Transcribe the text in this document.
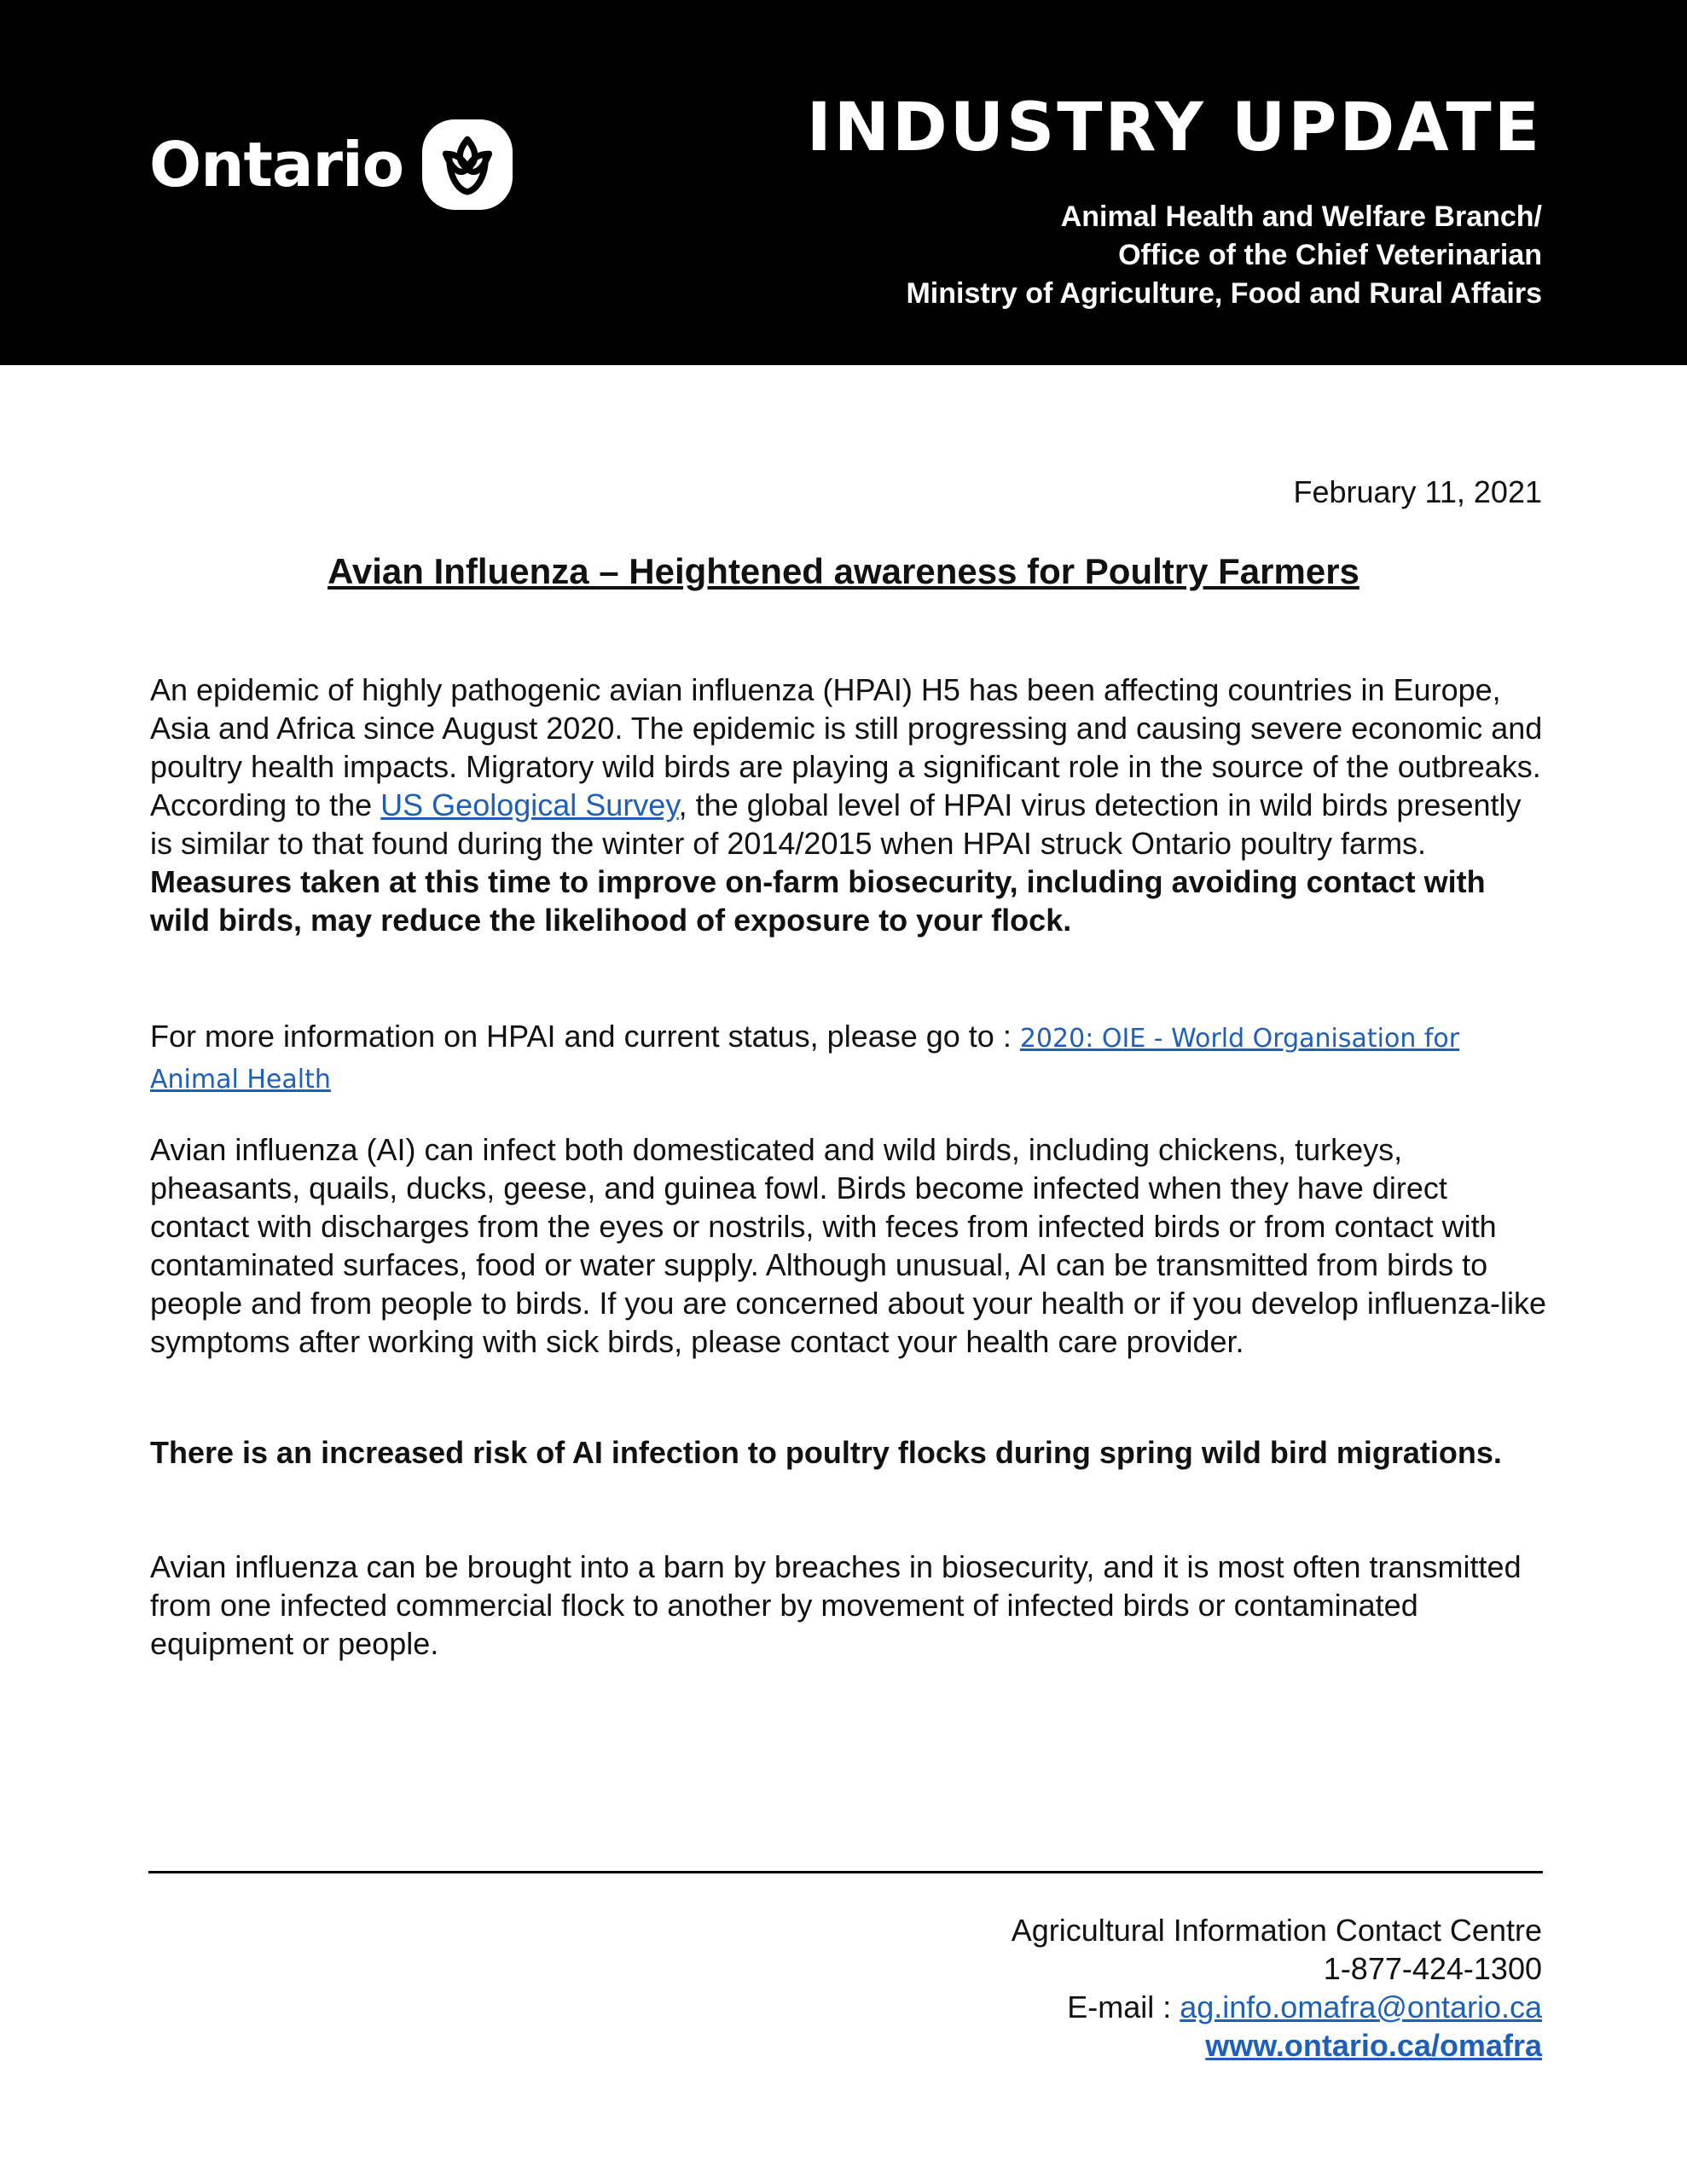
Ontario	INDUSTRY UPDATE
Animal Health and Welfare Branch/
Office of the Chief Veterinarian
Ministry of Agriculture, Food and Rural Affairs
February 11, 2021
Avian Influenza – Heightened awareness for Poultry Farmers

An epidemic of highly pathogenic avian influenza (HPAI) H5 has been affecting countries in Europe, Asia and Africa since August 2020. The epidemic is still progressing and causing severe economic and poultry health impacts. Migratory wild birds are playing a significant role in the source of the outbreaks. According to the US Geological Survey, the global level of HPAI virus detection in wild birds presently is similar to that found during the winter of 2014/2015 when HPAI struck Ontario poultry farms. Measures taken at this time to improve on-farm biosecurity, including avoiding contact with wild birds, may reduce the likelihood of exposure to your flock.

For more information on HPAI and current status, please go to : 2020: OIE - World Organisation for Animal Health

Avian influenza (AI) can infect both domesticated and wild birds, including chickens, turkeys, pheasants, quails, ducks, geese, and guinea fowl. Birds become infected when they have direct contact with discharges from the eyes or nostrils, with feces from infected birds or from contact with contaminated surfaces, food or water supply. Although unusual, AI can be transmitted from birds to people and from people to birds. If you are concerned about your health or if you develop influenza-like symptoms after working with sick birds, please contact your health care provider.

There is an increased risk of AI infection to poultry flocks during spring wild bird migrations.

Avian influenza can be brought into a barn by breaches in biosecurity, and it is most often transmitted from one infected commercial flock to another by movement of infected birds or contaminated equipment or people.

Agricultural Information Contact Centre
1-877-424-1300
E-mail : ag.info.omafra@ontario.ca
www.ontario.ca/omafra
